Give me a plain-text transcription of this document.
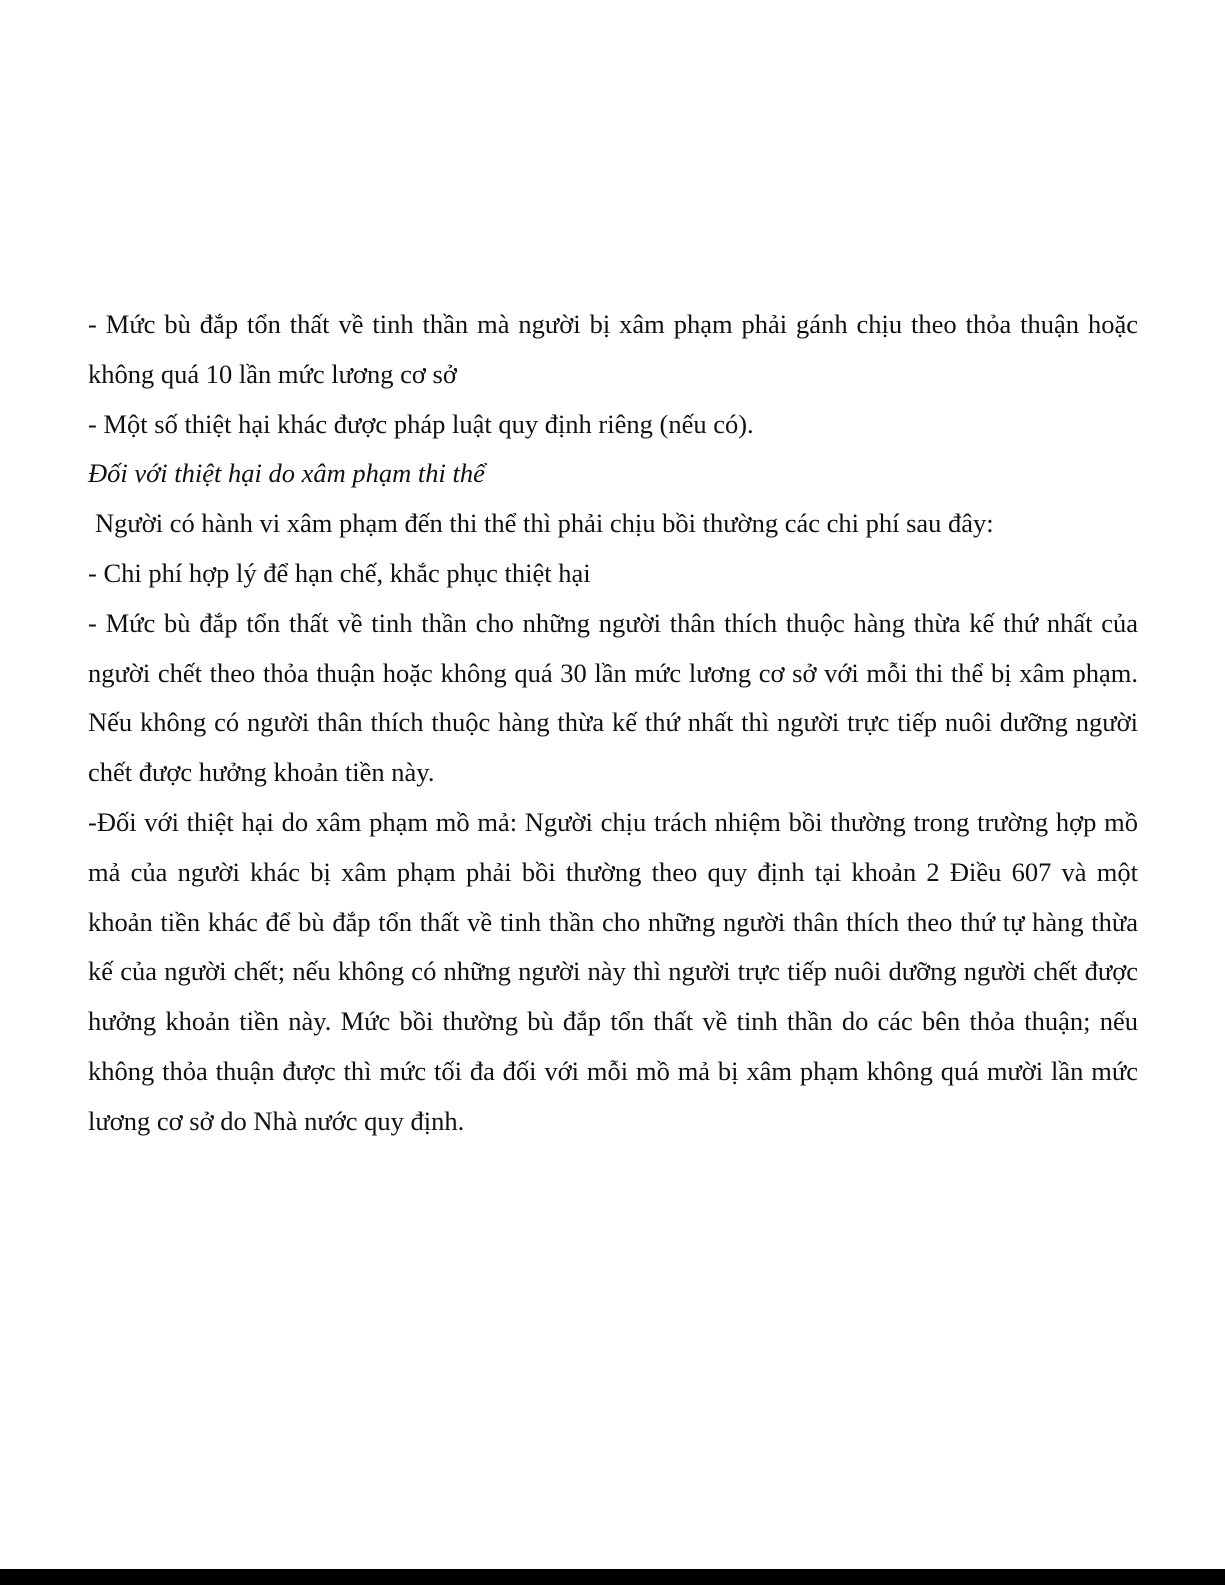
- Mức bù đắp tổn thất về tinh thần mà người bị xâm phạm phải gánh chịu theo thỏa thuận hoặc không quá 10 lần mức lương cơ sở

- Một số thiệt hại khác được pháp luật quy định riêng (nếu có).

Đối với thiệt hại do xâm phạm thi thể

Người có hành vi xâm phạm đến thi thể thì phải chịu bồi thường các chi phí sau đây:

- Chi phí hợp lý để hạn chế, khắc phục thiệt hại

- Mức bù đắp tổn thất về tinh thần cho những người thân thích thuộc hàng thừa kế thứ nhất của người chết theo thỏa thuận hoặc không quá 30 lần mức lương cơ sở với mỗi thi thể bị xâm phạm. Nếu không có người thân thích thuộc hàng thừa kế thứ nhất thì người trực tiếp nuôi dưỡng người chết được hưởng khoản tiền này.

-Đối với thiệt hại do xâm phạm mồ mả: Người chịu trách nhiệm bồi thường trong trường hợp mồ mả của người khác bị xâm phạm phải bồi thường theo quy định tại khoản 2 Điều 607 và một khoản tiền khác để bù đắp tổn thất về tinh thần cho những người thân thích theo thứ tự hàng thừa kế của người chết; nếu không có những người này thì người trực tiếp nuôi dưỡng người chết được hưởng khoản tiền này. Mức bồi thường bù đắp tổn thất về tinh thần do các bên thỏa thuận; nếu không thỏa thuận được thì mức tối đa đối với mỗi mồ mả bị xâm phạm không quá mười lần mức lương cơ sở do Nhà nước quy định.
